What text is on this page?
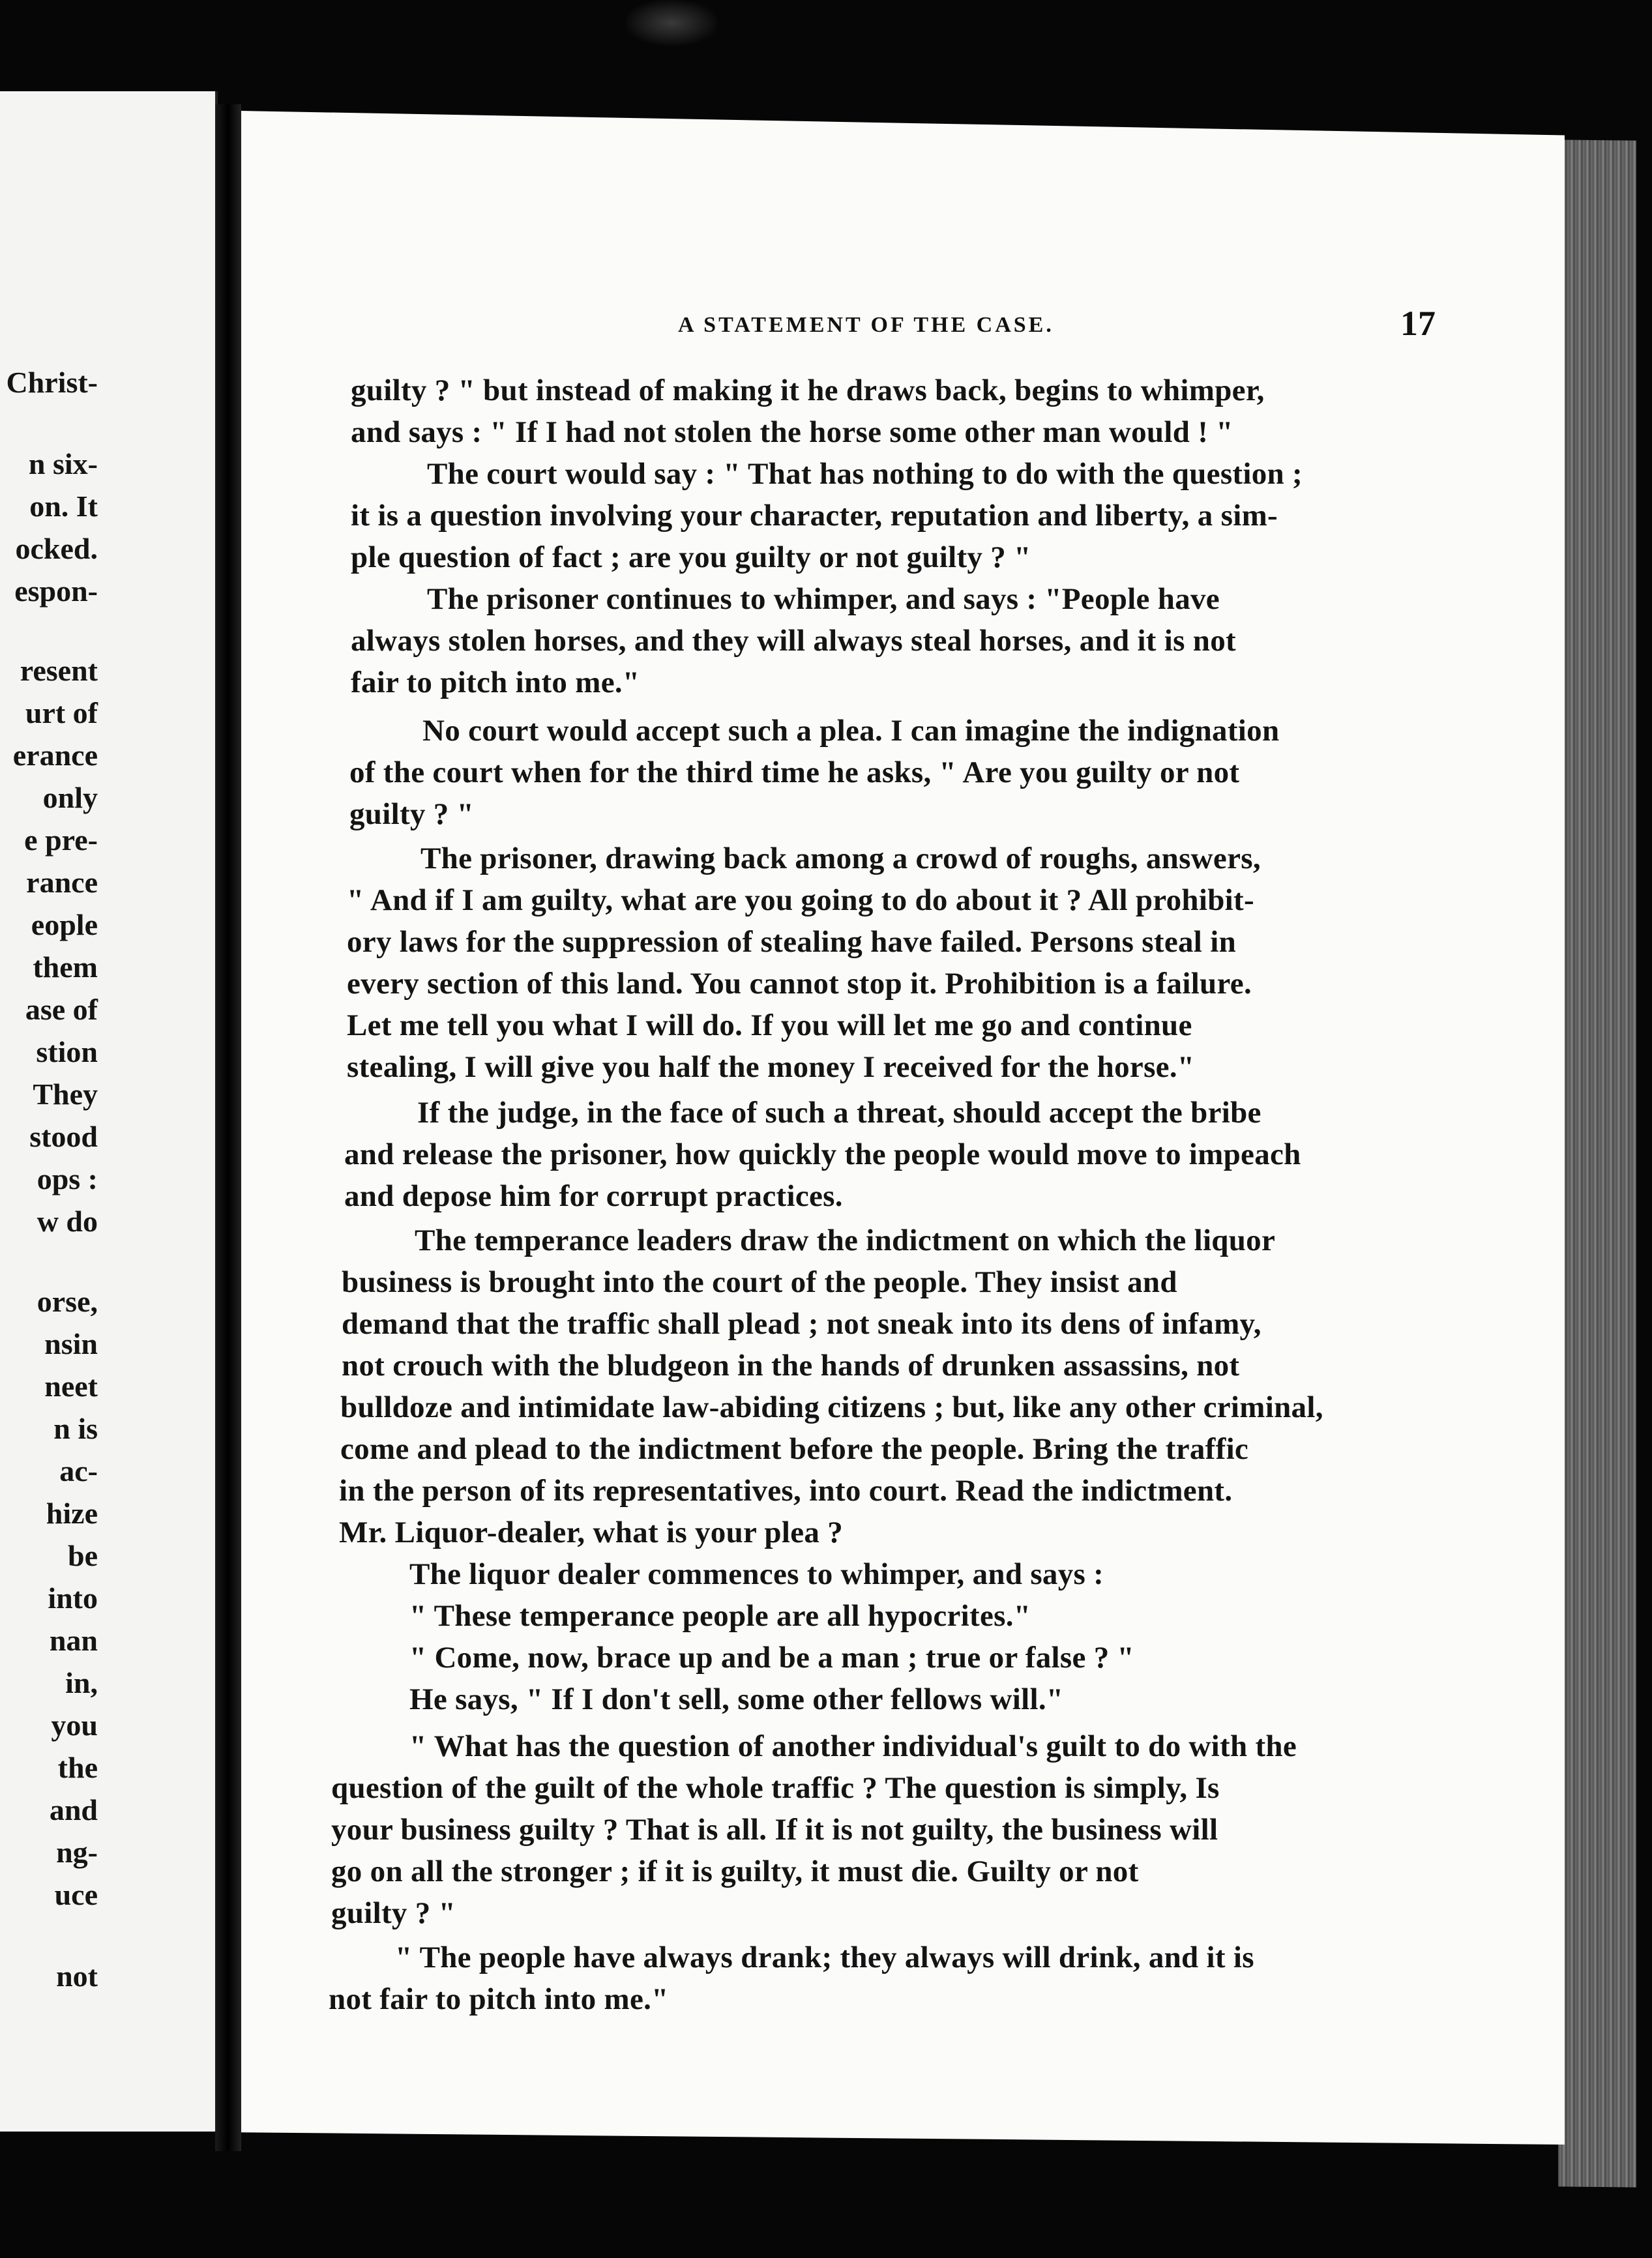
Christ-
n six-
on. It
ocked.
espon-
resent
urt of
erance
only
e pre-
rance
eople
them
ase of
stion
They
stood
ops :
w do
orse,
nsin
neet
n is
ac-
hize
be
into
nan
in,
you
the
and
ng-
uce
not
A STATEMENT OF THE CASE.	17
guilty ? " but instead of making it he draws back, begins to whimper,
and says : " If I had not stolen the horse some other man would ! "
The court would say : " That has nothing to do with the question ;
it is a question involving your character, reputation and liberty, a sim-
ple question of fact ; are you guilty or not guilty ? "
The prisoner continues to whimper, and says : "People have
always stolen horses, and they will always steal horses, and it is not
fair to pitch into me."
No court would accept such a plea. I can imagine the indignation
of the court when for the third time he asks, " Are you guilty or not
guilty ? "
The prisoner, drawing back among a crowd of roughs, answers,
" And if I am guilty, what are you going to do about it ? All prohibit-
ory laws for the suppression of stealing have failed. Persons steal in
every section of this land. You cannot stop it. Prohibition is a failure.
Let me tell you what I will do. If you will let me go and continue
stealing, I will give you half the money I received for the horse."
If the judge, in the face of such a threat, should accept the bribe
and release the prisoner, how quickly the people would move to impeach
and depose him for corrupt practices.
The temperance leaders draw the indictment on which the liquor
business is brought into the court of the people. They insist and
demand that the traffic shall plead ; not sneak into its dens of infamy,
not crouch with the bludgeon in the hands of drunken assassins, not
bulldoze and intimidate law-abiding citizens ; but, like any other criminal,
come and plead to the indictment before the people. Bring the traffic
in the person of its representatives, into court. Read the indictment.
Mr. Liquor-dealer, what is your plea ?
The liquor dealer commences to whimper, and says :
" These temperance people are all hypocrites."
" Come, now, brace up and be a man ; true or false ? "
He says, " If I don't sell, some other fellows will."
" What has the question of another individual's guilt to do with the
question of the guilt of the whole traffic ? The question is simply, Is
your business guilty ? That is all. If it is not guilty, the business will
go on all the stronger ; if it is guilty, it must die. Guilty or not
guilty ? "
" The people have always drank; they always will drink, and it is
not fair to pitch into me."
